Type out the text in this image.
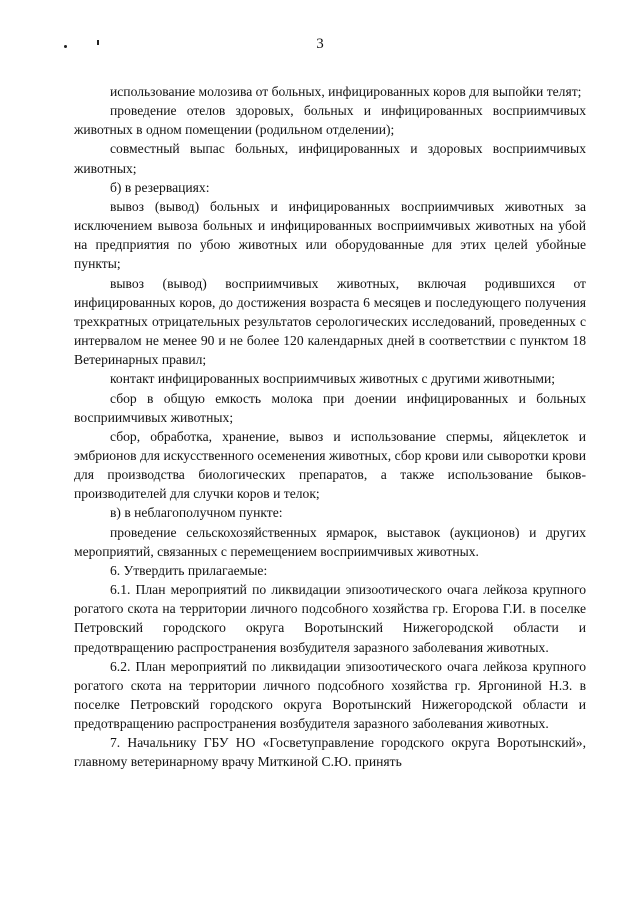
3

использование молозива от больных, инфицированных коров для выпойки телят;

проведение отелов здоровых, больных и инфицированных восприимчивых животных в одном помещении (родильном отделении);

совместный выпас больных, инфицированных и здоровых восприимчивых животных;

б) в резервациях:

вывоз (вывод) больных и инфицированных восприимчивых животных за исключением вывоза больных и инфицированных восприимчивых животных на убой на предприятия по убою животных или оборудованные для этих целей убойные пункты;

вывоз (вывод) восприимчивых животных, включая родившихся от инфицированных коров, до достижения возраста 6 месяцев и последующего получения трехкратных отрицательных результатов серологических исследований, проведенных с интервалом не менее 90 и не более 120 календарных дней в соответствии с пунктом 18 Ветеринарных правил;

контакт инфицированных восприимчивых животных с другими животными;

сбор в общую емкость молока при доении инфицированных и больных восприимчивых животных;

сбор, обработка, хранение, вывоз и использование спермы, яйцеклеток и эмбрионов для искусственного осеменения животных, сбор крови или сыворотки крови для производства биологических препаратов, а также использование быков-производителей для случки коров и телок;

в) в неблагополучном пункте:

проведение сельскохозяйственных ярмарок, выставок (аукционов) и других мероприятий, связанных с перемещением восприимчивых животных.

6. Утвердить прилагаемые:

6.1. План мероприятий по ликвидации эпизоотического очага лейкоза крупного рогатого скота на территории личного подсобного хозяйства гр. Егорова Г.И. в поселке Петровский городского округа Воротынский Нижегородской области и предотвращению распространения возбудителя заразного заболевания животных.

6.2. План мероприятий по ликвидации эпизоотического очага лейкоза крупного рогатого скота на территории личного подсобного хозяйства гр. Яргониной Н.З. в поселке Петровский городского округа Воротынский Нижегородской области и предотвращению распространения возбудителя заразного заболевания животных.

7. Начальнику ГБУ НО «Госветуправление городского округа Воротынский», главному ветеринарному врачу Миткиной С.Ю. принять
